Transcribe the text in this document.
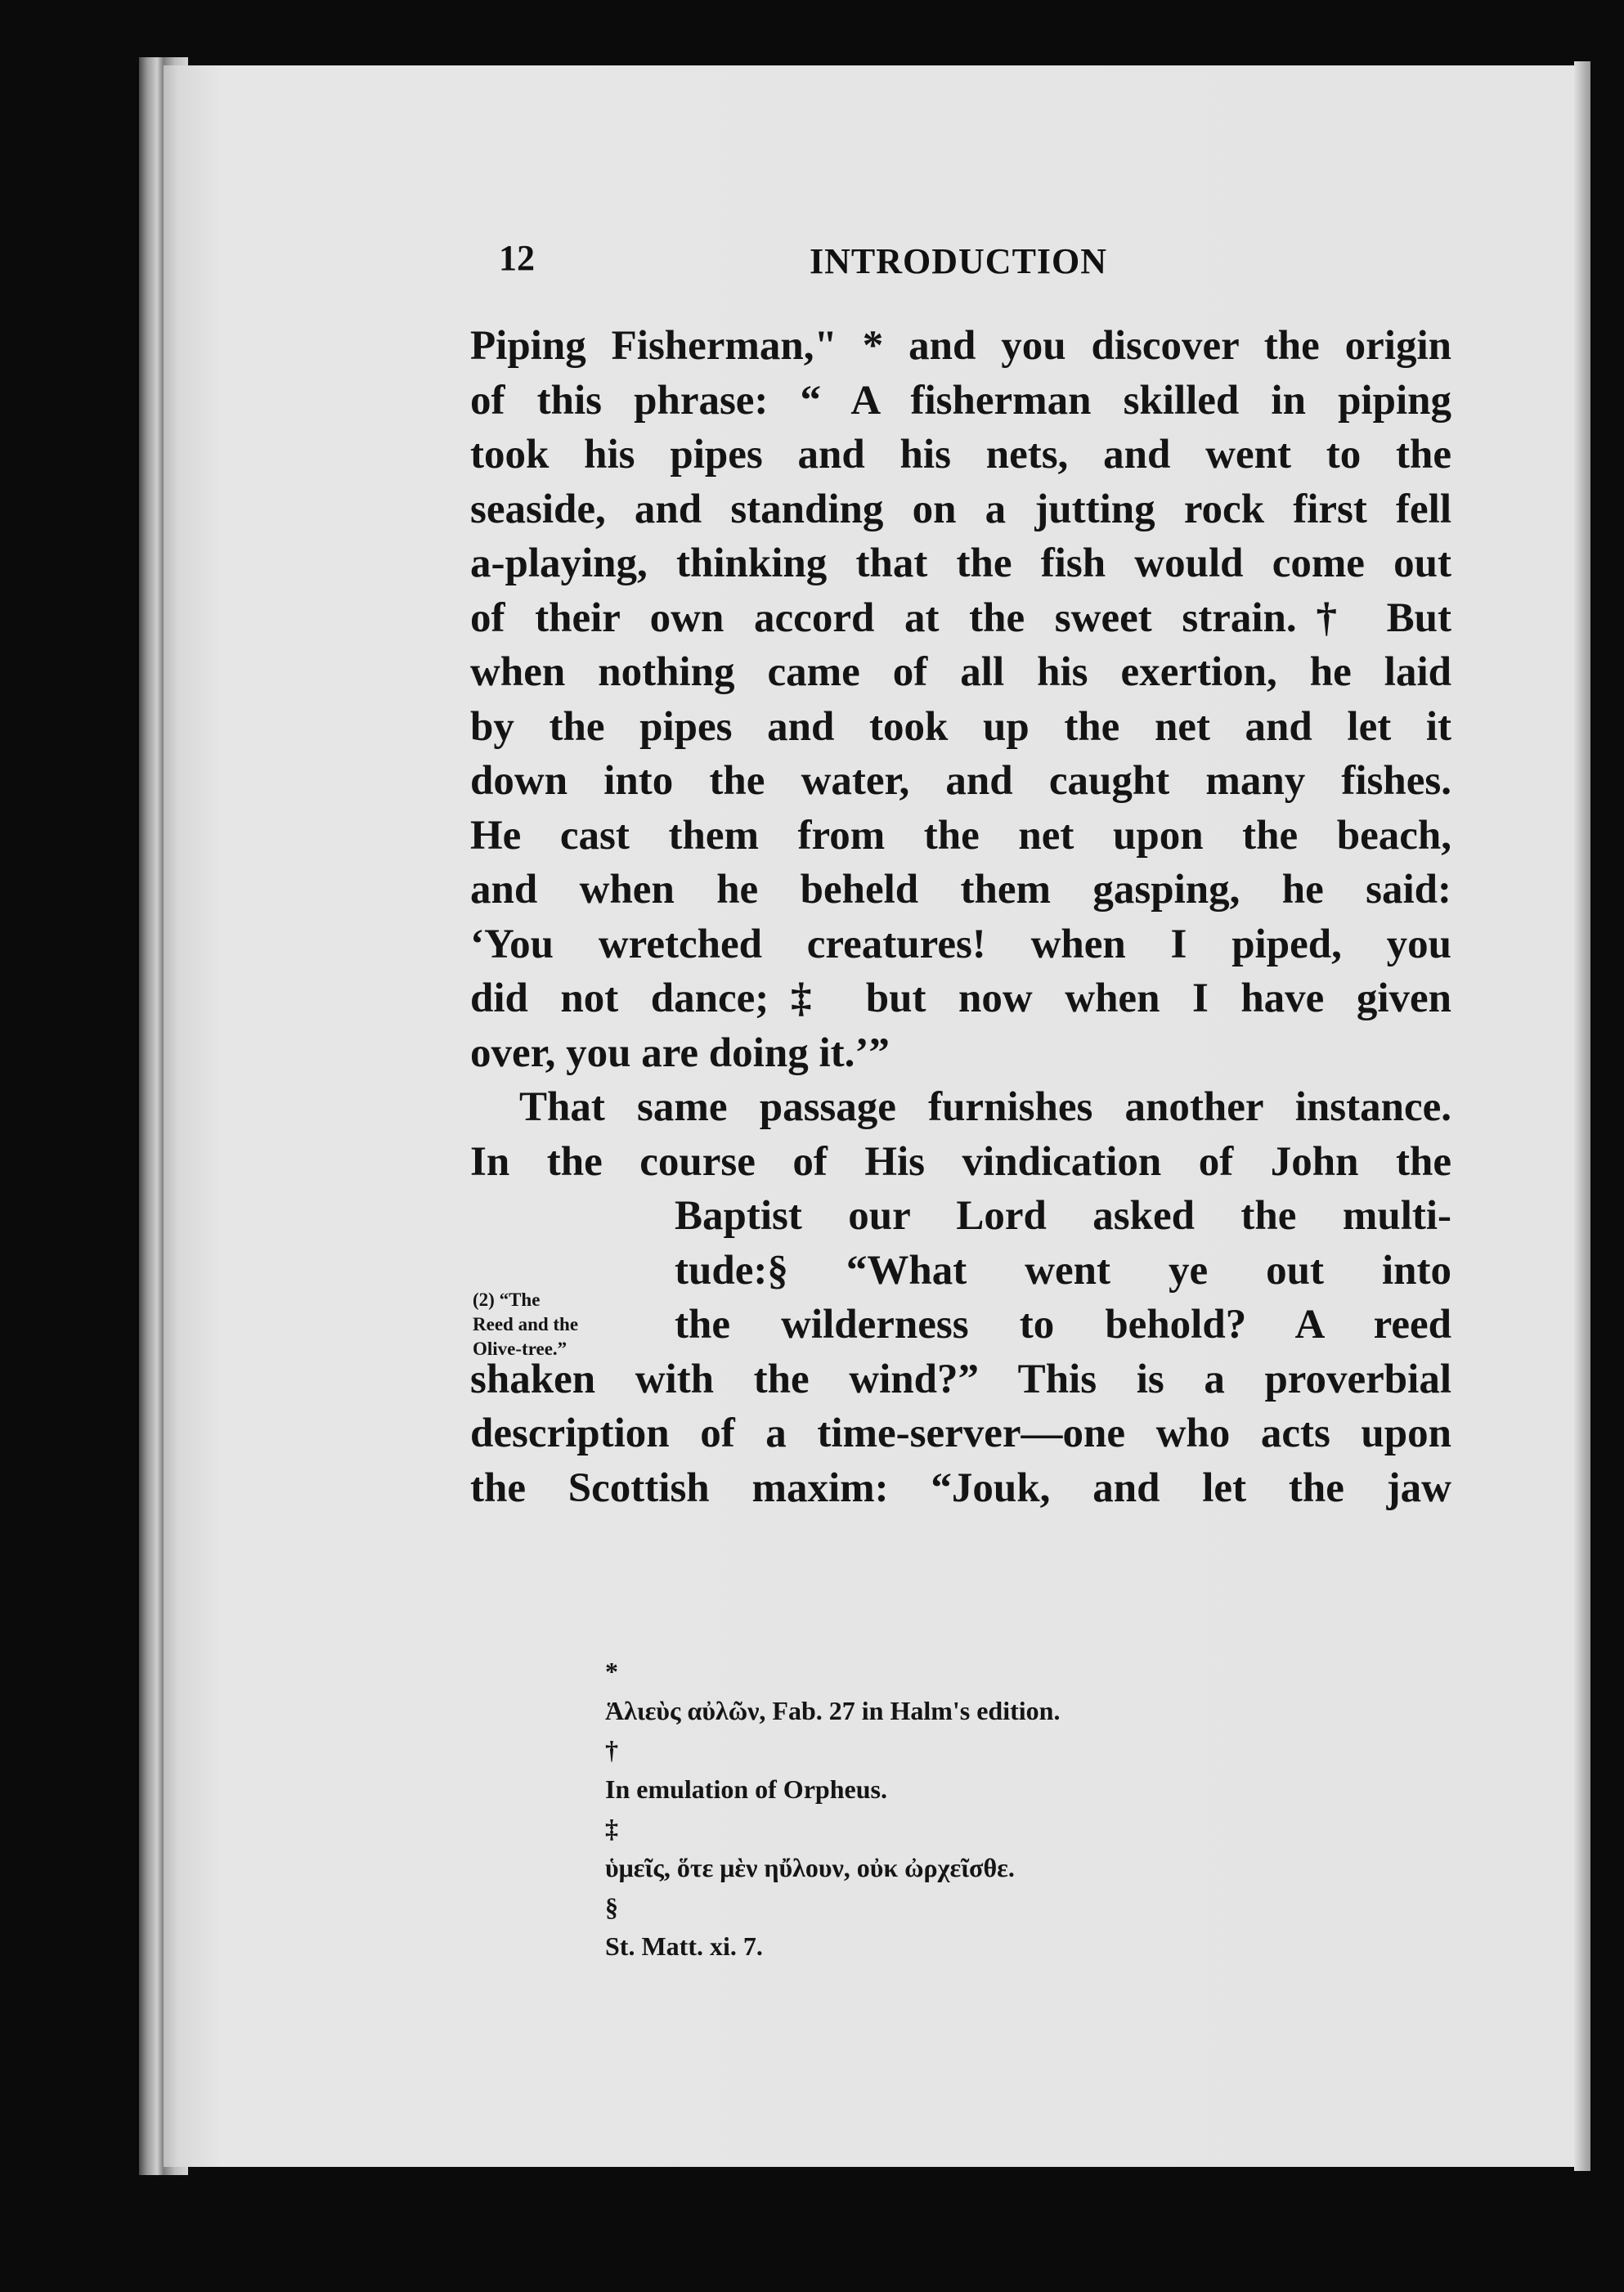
12	INTRODUCTION
Piping Fisherman," * and you discover the origin
of this phrase: “ A fisherman skilled in piping
took his pipes and his nets, and went to the
seaside, and standing on a jutting rock first fell
a-playing, thinking that the fish would come out
of their own accord at the sweet strain.† But
when nothing came of all his exertion, he laid
by the pipes and took up the net and let it
down into the water, and caught many fishes.
He cast them from the net upon the beach,
and when he beheld them gasping, he said:
‘You wretched creatures! when I piped, you
did not dance;‡ but now when I have given
over, you are doing it.’”
That same passage furnishes another instance.
In the course of His vindication of John the
Baptist our Lord asked the multi-
tude:§ “What went ye out into
the wilderness to behold? A reed
shaken with the wind?” This is a proverbial
description of a time-server—one who acts upon
the Scottish maxim: “Jouk, and let the jaw
(2) “The
Reed and the
Olive-tree.”
*
Ἁλιεὺς αὐλῶν, Fab. 27 in Halm's edition.
†
In emulation of Orpheus.
‡
ὑμεῖς, ὅτε μὲν ηὔλουν, οὐκ ὠρχεῖσθε.
§
St. Matt. xi. 7.
